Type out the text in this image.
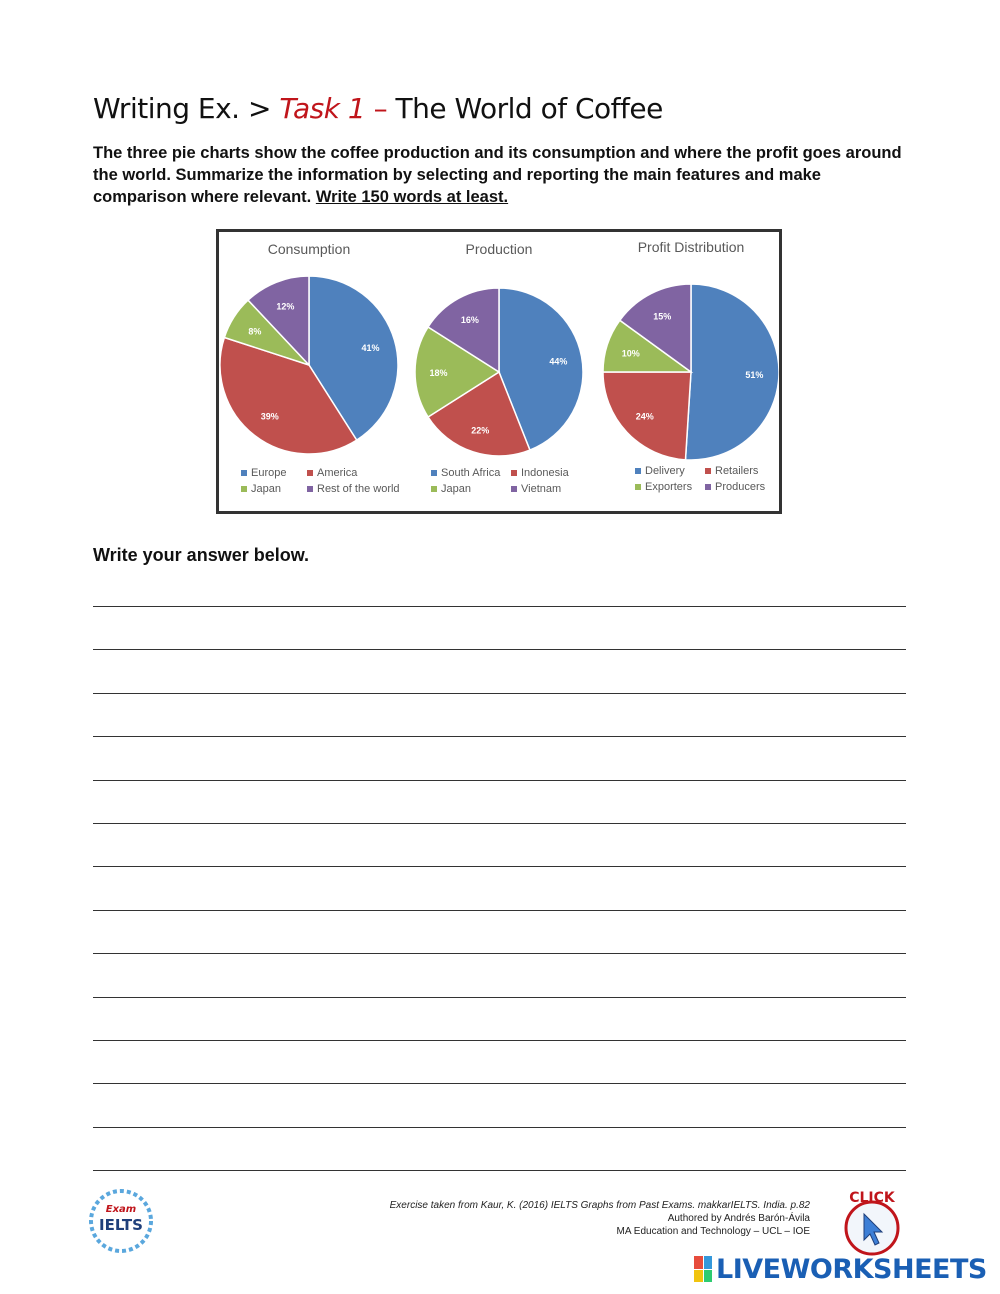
Writing Ex. > Task 1 – The World of Coffee
The three pie charts show the coffee production and its consumption and where the profit goes around the world. Summarize the information by selecting and reporting the main features and make comparison where relevant. Write 150 words at least.
Consumption
41%
39%
8%
12%
Europe	America
Japan	Rest of the world
Production
44%
22%
18%
16%
South Africa Indonesia
Japan	Vietnam
Profit Distribution
51%
24%
10%
15%
Delivery	Retailers
Exporters Producers
Write your answer below.
Exam
IELTS
Exercise taken from Kaur, K. (2016) IELTS Graphs from Past Exams. makkarIELTS. India. p.82
Authored by Andrés Barón-Ávila
MA Education and Technology – UCL – IOE
CLICK
LIVEWORKSHEETS
